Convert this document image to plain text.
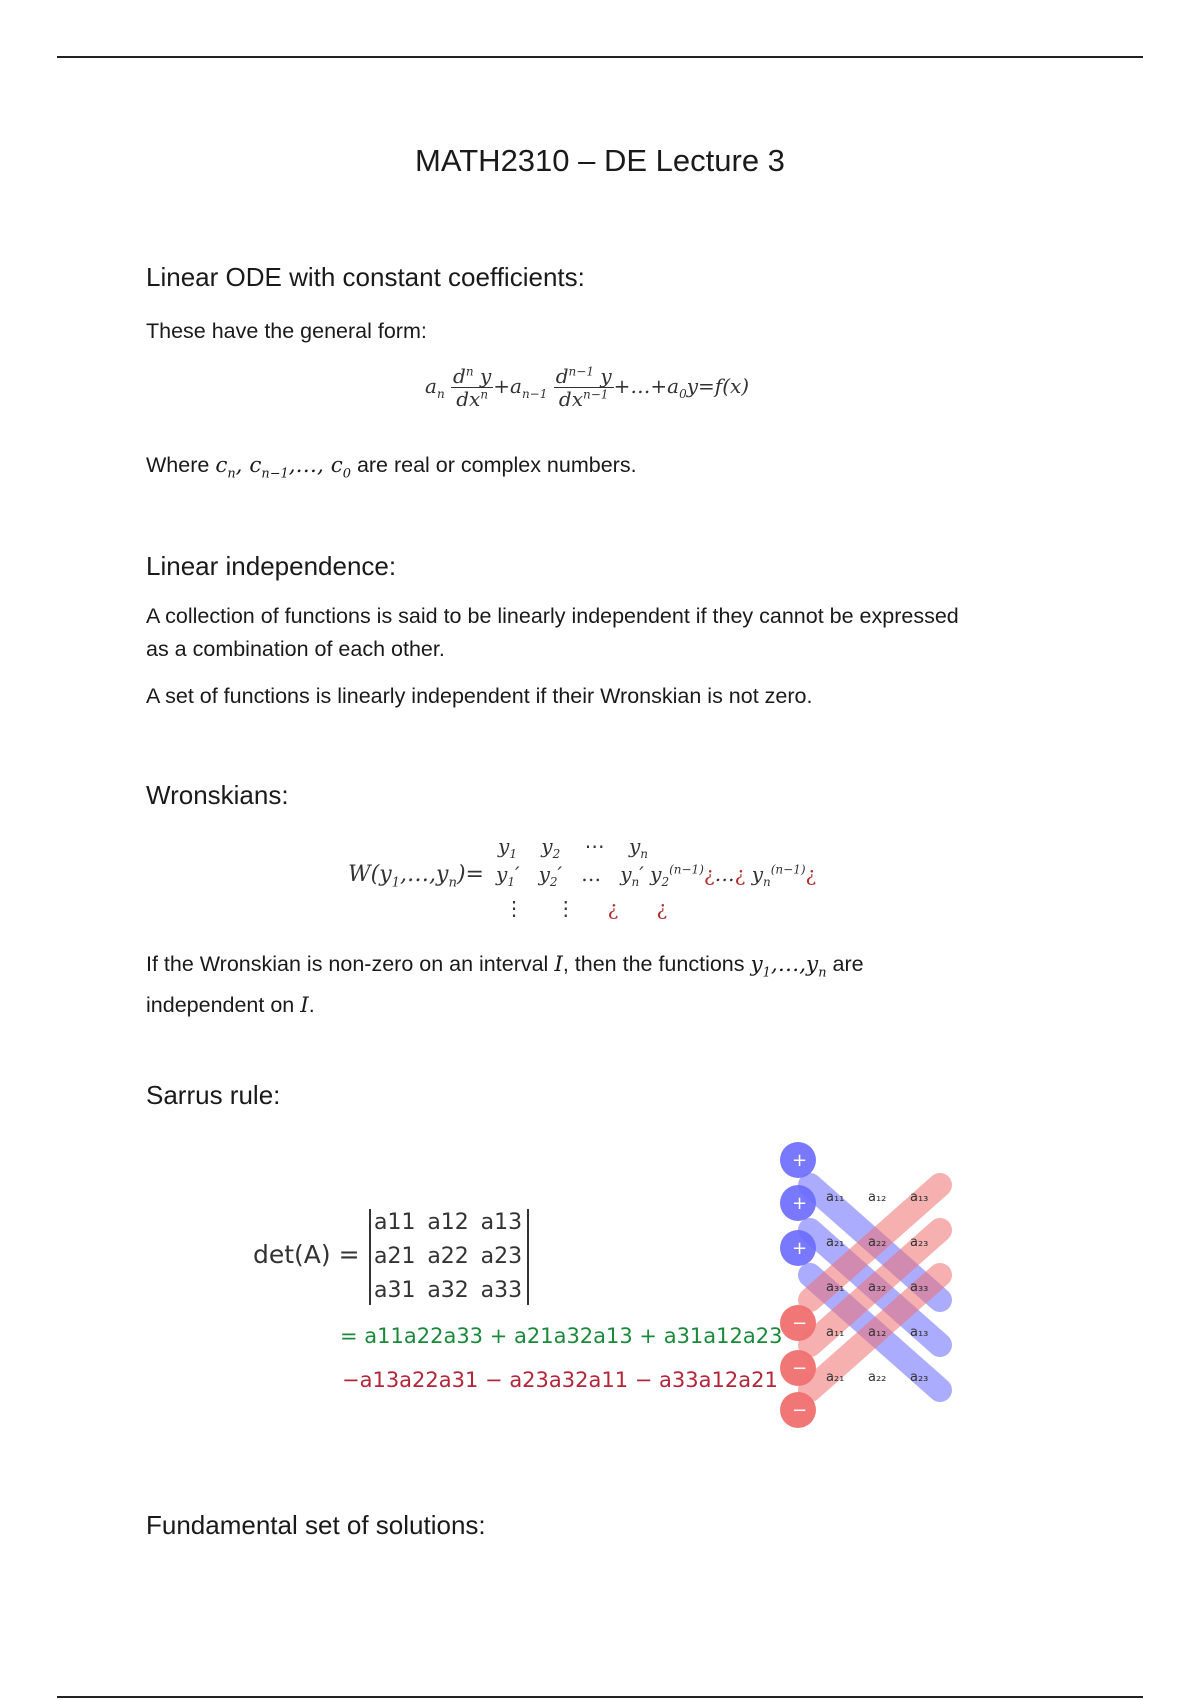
MATH2310 – DE Lecture 3
Linear ODE with constant coefficients:
These have the general form:
$a_n \frac{d^n y}{dx^n} +a_{n-1} \frac{d^{n-1} y}{dx^{n-1}}$ $+\dots+a_0y=f(x)$
Where $c_n$, $c_{n-1},\dots$, $c_0$ are real or complex numbers.
Linear independence:
A collection of functions is said to be linearly independent if they cannot be expressed as a combination of each other.
A set of functions is linearly independent if their Wronskian is not zero.
Wronskians:
$W(y_1,\dots,y_n)=$
$y_1$ $y_2$ ⋯ $y_n$
$y_1'$   $y_2'$   …   $y_n'$ $y_2^{(n-1)}¿\dots¿$ $y_n^{(n-1)}¿$
⋮     ⋮     ¿ ¿
If the Wronskian is non-zero on an interval I, then the functions $y_1,\dots,y_n$ are
independent on I.
Sarrus rule:
det(A) =
a11 a12 a13
a21 a22 a23
a31 a32 a33
= a11a22a33 + a21a32a13 + a31a12a23
−a13a22a31 − a23a32a11 − a33a12a21
a₁₁ a₁₂ a₁₃
a₂₁ a₂₂ a₂₃
a₃₁ a₃₂ a₃₃
a₁₁ a₁₂ a₁₃
a₂₁ a₂₂ a₂₃
+
+
+
−
−
−
Fundamental set of solutions:
